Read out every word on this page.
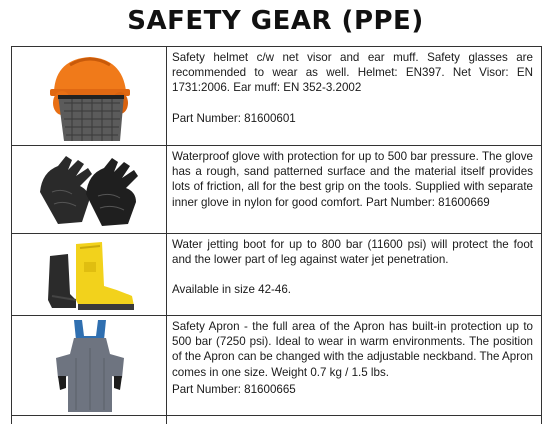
SAFETY GEAR (PPE)

Safety helmet c/w net visor and ear muff. Safety glasses are recommended to wear as well. Helmet: EN397. Net Visor: EN 1731:2006. Ear muff: EN 352-3.2002

Part Number: 81600601

Waterproof glove with protection for up to 500 bar pressure. The glove has a rough, sand patterned surface and the material itself provides lots of friction, all for the best grip on the tools. Supplied with separate inner glove in nylon for good comfort. Part Number: 81600669

Water jetting boot for up to 800 bar (11600 psi) will protect the foot and the lower part of leg against water jet penetration.

Available in size 42-46.

Safety Apron - the full area of the Apron has built-in protection up to 500 bar (7250 psi). Ideal to wear in warm environments. The position of the Apron can be changed with the adjustable neckband. The Apron comes in one size. Weight 0.7 kg / 1.5 lbs.

Part Number: 81600665
